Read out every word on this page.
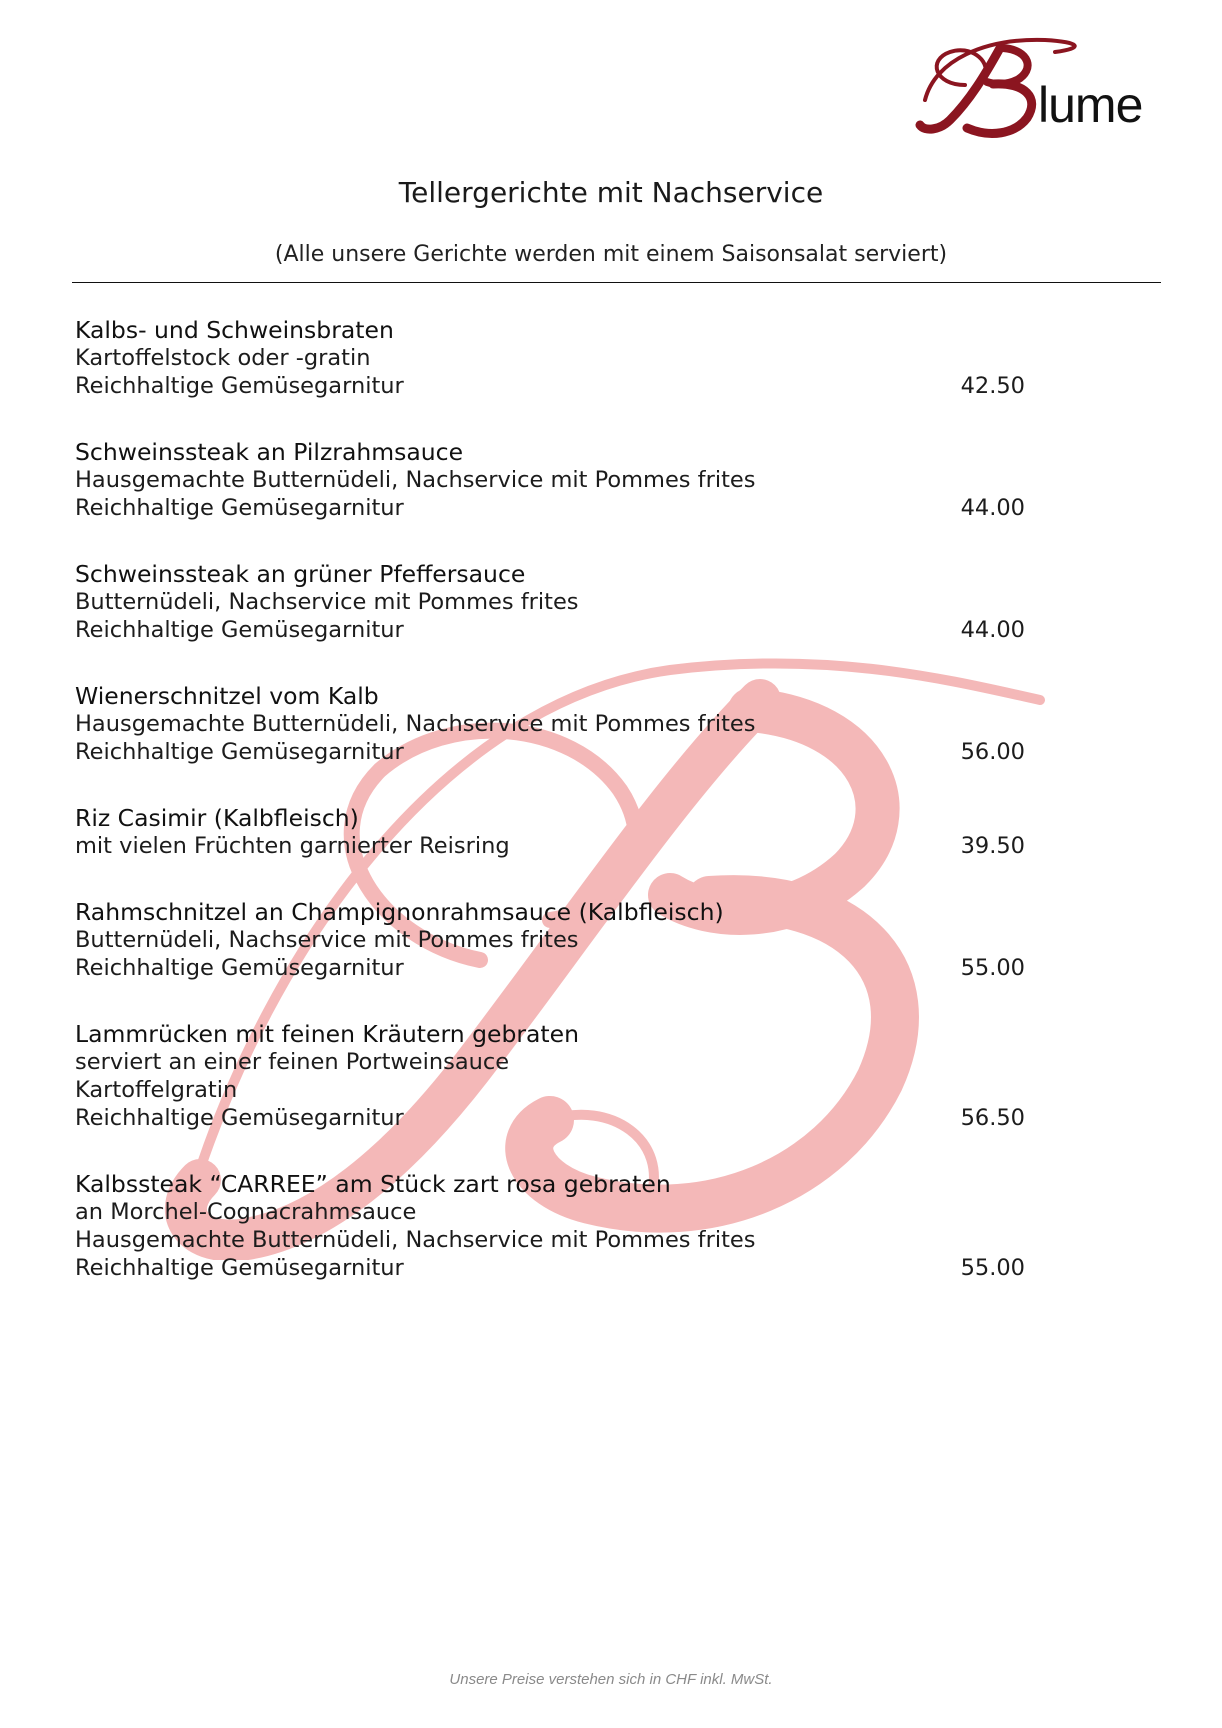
lume
Tellergerichte mit Nachservice
(Alle unsere Gerichte werden mit einem Saisonsalat serviert)
Kalbs- und Schweinsbraten
Kartoffelstock oder -gratin
Reichhaltige Gemüsegarnitur	42.50
Schweinssteak an Pilzrahmsauce
Hausgemachte Butternüdeli, Nachservice mit Pommes frites
Reichhaltige Gemüsegarnitur	44.00
Schweinssteak an grüner Pfeffersauce
Butternüdeli, Nachservice mit Pommes frites
Reichhaltige Gemüsegarnitur	44.00
Wienerschnitzel vom Kalb
Hausgemachte Butternüdeli, Nachservice mit Pommes frites
Reichhaltige Gemüsegarnitur	56.00
Riz Casimir (Kalbfleisch)
mit vielen Früchten garnierter Reisring	39.50
Rahmschnitzel an Champignonrahmsauce (Kalbfleisch)
Butternüdeli, Nachservice mit Pommes frites
Reichhaltige Gemüsegarnitur	55.00
Lammrücken mit feinen Kräutern gebraten
serviert an einer feinen Portweinsauce
Kartoffelgratin
Reichhaltige Gemüsegarnitur	56.50
Kalbssteak “CARREE” am Stück zart rosa gebraten
an Morchel-Cognacrahmsauce
Hausgemachte Butternüdeli, Nachservice mit Pommes frites
Reichhaltige Gemüsegarnitur	55.00
Unsere Preise verstehen sich in CHF inkl. MwSt.
